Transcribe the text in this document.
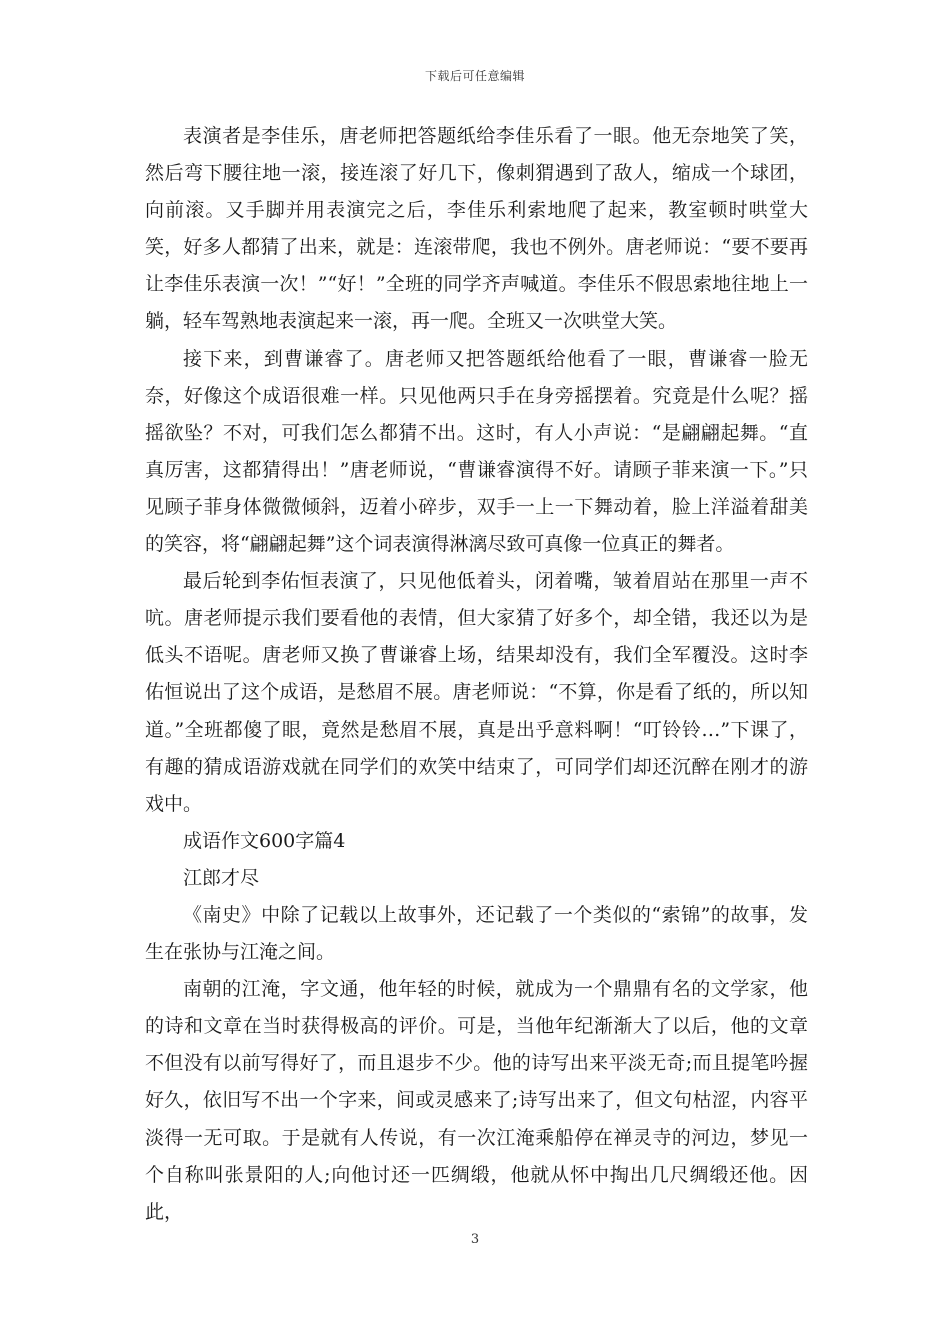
下载后可任意编辑

表演者是李佳乐，唐老师把答题纸给李佳乐看了一眼。他无奈地笑了笑，然后弯下腰往地一滚，接连滚了好几下，像刺猬遇到了敌人，缩成一个球团，向前滚。又手脚并用表演完之后，李佳乐利索地爬了起来，教室顿时哄堂大笑，好多人都猜了出来，就是：连滚带爬，我也不例外。唐老师说：“要不要再让李佳乐表演一次！”“好！”全班的同学齐声喊道。李佳乐不假思索地往地上一躺，轻车驾熟地表演起来一滚，再一爬。全班又一次哄堂大笑。

接下来，到曹谦睿了。唐老师又把答题纸给他看了一眼，曹谦睿一脸无奈，好像这个成语很难一样。只见他两只手在身旁摇摆着。究竟是什么呢？摇摇欲坠？不对，可我们怎么都猜不出。这时，有人小声说：“是翩翩起舞。“直真厉害，这都猜得出！”唐老师说，“曹谦睿演得不好。请顾子菲来演一下。”只见顾子菲身体微微倾斜，迈着小碎步，双手一上一下舞动着，脸上洋溢着甜美的笑容，将“翩翩起舞”这个词表演得淋漓尽致可真像一位真正的舞者。

最后轮到李佑恒表演了，只见他低着头，闭着嘴，皱着眉站在那里一声不吭。唐老师提示我们要看他的表情，但大家猜了好多个，却全错，我还以为是低头不语呢。唐老师又换了曹谦睿上场，结果却没有，我们全军覆没。这时李佑恒说出了这个成语，是愁眉不展。唐老师说：“不算，你是看了纸的，所以知道。”全班都傻了眼，竟然是愁眉不展，真是出乎意料啊！“叮铃铃…”下课了，有趣的猜成语游戏就在同学们的欢笑中结束了，可同学们却还沉醉在刚才的游戏中。

成语作文600字篇4

江郎才尽

《南史》中除了记载以上故事外，还记载了一个类似的“索锦”的故事，发生在张协与江淹之间。

南朝的江淹，字文通，他年轻的时候，就成为一个鼎鼎有名的文学家，他的诗和文章在当时获得极高的评价。可是，当他年纪渐渐大了以后，他的文章不但没有以前写得好了，而且退步不少。他的诗写出来平淡无奇;而且提笔吟握好久，依旧写不出一个字来，间或灵感来了;诗写出来了，但文句枯涩，内容平淡得一无可取。于是就有人传说，有一次江淹乘船停在禅灵寺的河边，梦见一个自称叫张景阳的人;向他讨还一匹绸缎，他就从怀中掏出几尺绸缎还他。因此，

3
